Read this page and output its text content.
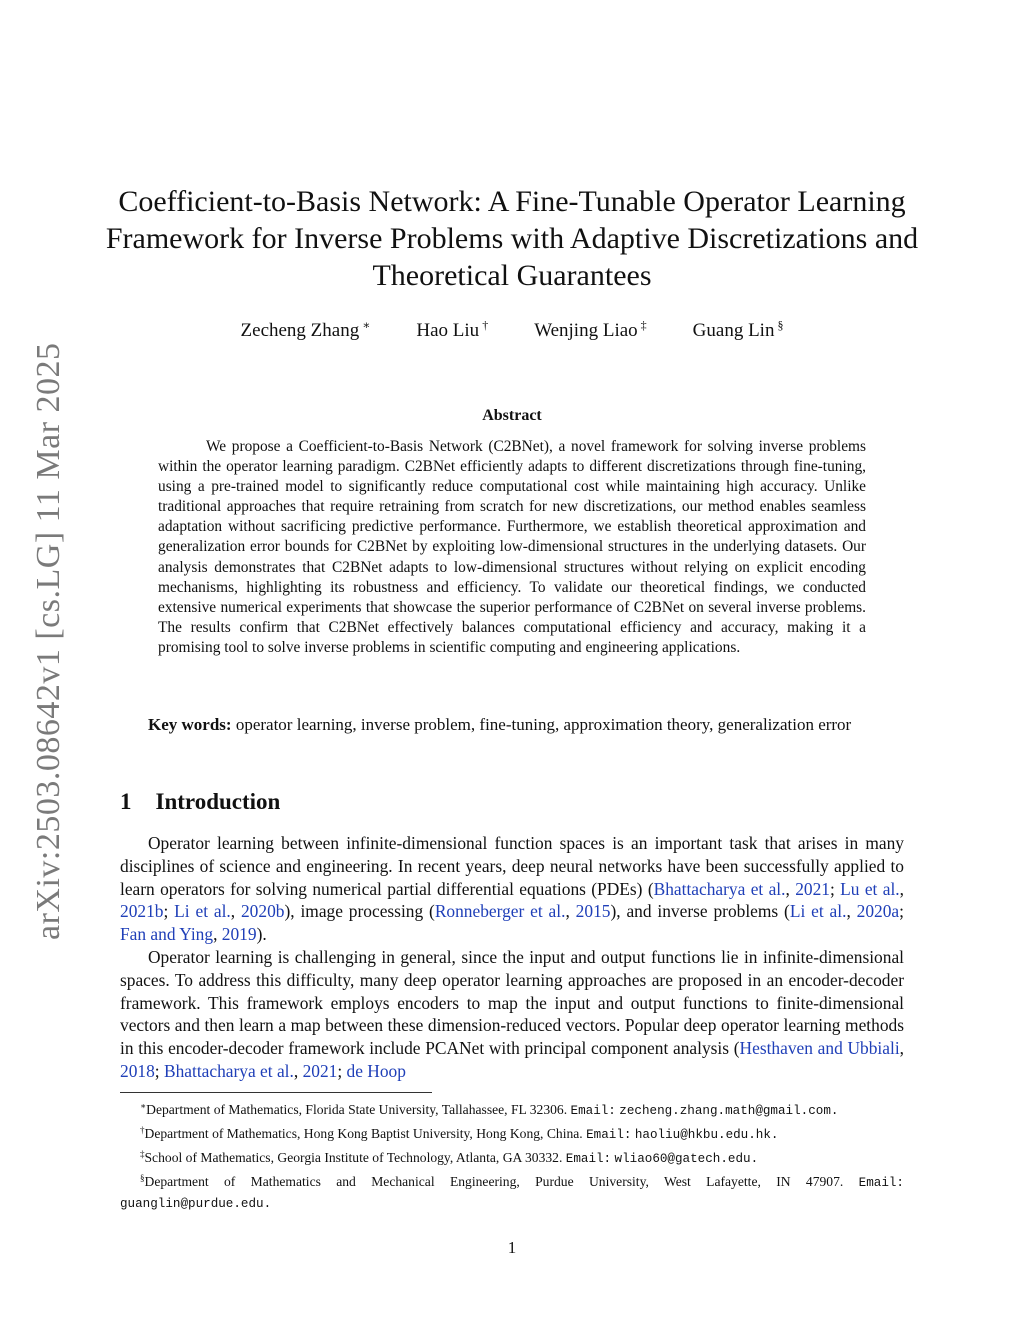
arXiv:2503.08642v1 [cs.LG] 11 Mar 2025
Coefficient-to-Basis Network: A Fine-Tunable Operator Learning Framework for Inverse Problems with Adaptive Discretizations and Theoretical Guarantees
Zecheng Zhang ∗ Hao Liu † Wenjing Liao ‡ Guang Lin §
Abstract

We propose a Coefficient-to-Basis Network (C2BNet), a novel framework for solving inverse problems within the operator learning paradigm. C2BNet efficiently adapts to different discretizations through fine-tuning, using a pre-trained model to significantly reduce computational cost while maintaining high accuracy. Unlike traditional approaches that require retraining from scratch for new discretizations, our method enables seamless adaptation without sacrificing predictive performance. Furthermore, we establish theoretical approximation and generalization error bounds for C2BNet by exploiting low-dimensional structures in the underlying datasets. Our analysis demonstrates that C2BNet adapts to low-dimensional structures without relying on explicit encoding mechanisms, highlighting its robustness and efficiency. To validate our theoretical findings, we conducted extensive numerical experiments that showcase the superior performance of C2BNet on several inverse problems. The results confirm that C2BNet effectively balances computational efficiency and accuracy, making it a promising tool to solve inverse problems in scientific computing and engineering applications.

Key words: operator learning, inverse problem, fine-tuning, approximation theory, generalization error

1 Introduction

Operator learning between infinite-dimensional function spaces is an important task that arises in many disciplines of science and engineering. In recent years, deep neural networks have been successfully applied to learn operators for solving numerical partial differential equations (PDEs) (Bhattacharya et al., 2021; Lu et al., 2021b; Li et al., 2020b), image processing (Ronneberger et al., 2015), and inverse problems (Li et al., 2020a; Fan and Ying, 2019).

Operator learning is challenging in general, since the input and output functions lie in infinite-dimensional spaces. To address this difficulty, many deep operator learning approaches are proposed in an encoder-decoder framework. This framework employs encoders to map the input and output functions to finite-dimensional vectors and then learn a map between these dimension-reduced vectors. Popular deep operator learning methods in this encoder-decoder framework include PCANet with principal component analysis (Hesthaven and Ubbiali, 2018; Bhattacharya et al., 2021; de Hoop

∗Department of Mathematics, Florida State University, Tallahassee, FL 32306. Email: zecheng.zhang.math@gmail.com.

†Department of Mathematics, Hong Kong Baptist University, Hong Kong, China. Email: haoliu@hkbu.edu.hk.

‡School of Mathematics, Georgia Institute of Technology, Atlanta, GA 30332. Email: wliao60@gatech.edu.

§Department of Mathematics and Mechanical Engineering, Purdue University, West Lafayette, IN 47907. Email: guanglin@purdue.edu.

1
